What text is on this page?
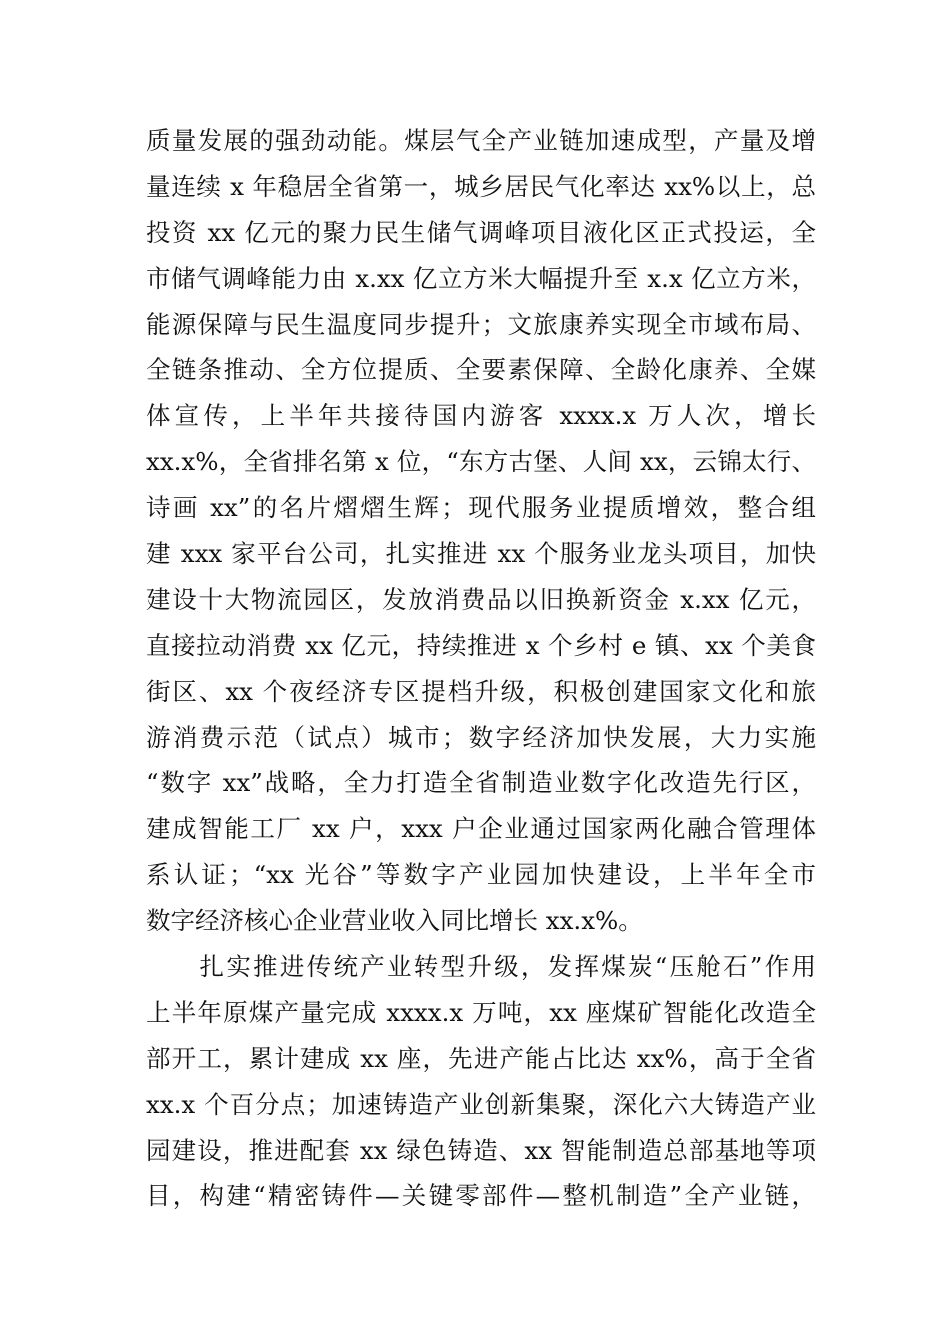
质量发展的强劲动能。煤层气全产业链加速成型，产量及增
量连续 x 年稳居全省第一，城乡居民气化率达 xx%以上，总
投资 xx 亿元的聚力民生储气调峰项目液化区正式投运，全
市储气调峰能力由 x.xx 亿立方米大幅提升至 x.x 亿立方米，
能源保障与民生温度同步提升；文旅康养实现全市域布局、
全链条推动、全方位提质、全要素保障、全龄化康养、全媒
体宣传，上半年共接待国内游客 xxxx.x 万人次，增长
xx.x%，全省排名第 x 位，“东方古堡、人间 xx，云锦太行、
诗画 xx”的名片熠熠生辉；现代服务业提质增效，整合组
建 xxx 家平台公司，扎实推进 xx 个服务业龙头项目，加快
建设十大物流园区，发放消费品以旧换新资金 x.xx 亿元，
直接拉动消费 xx 亿元，持续推进 x 个乡村 e 镇、xx 个美食
街区、xx 个夜经济专区提档升级，积极创建国家文化和旅
游消费示范（试点）城市；数字经济加快发展，大力实施
“数字 xx”战略，全力打造全省制造业数字化改造先行区，
建成智能工厂 xx 户，xxx 户企业通过国家两化融合管理体
系认证；“xx 光谷”等数字产业园加快建设，上半年全市
数字经济核心企业营业收入同比增长 xx.x%。
　　扎实推进传统产业转型升级，发挥煤炭“压舱石”作用
上半年原煤产量完成 xxxx.x 万吨，xx 座煤矿智能化改造全
部开工，累计建成 xx 座，先进产能占比达 xx%，高于全省
xx.x 个百分点；加速铸造产业创新集聚，深化六大铸造产业
园建设，推进配套 xx 绿色铸造、xx 智能制造总部基地等项
目，构建“精密铸件—关键零部件—整机制造”全产业链，
